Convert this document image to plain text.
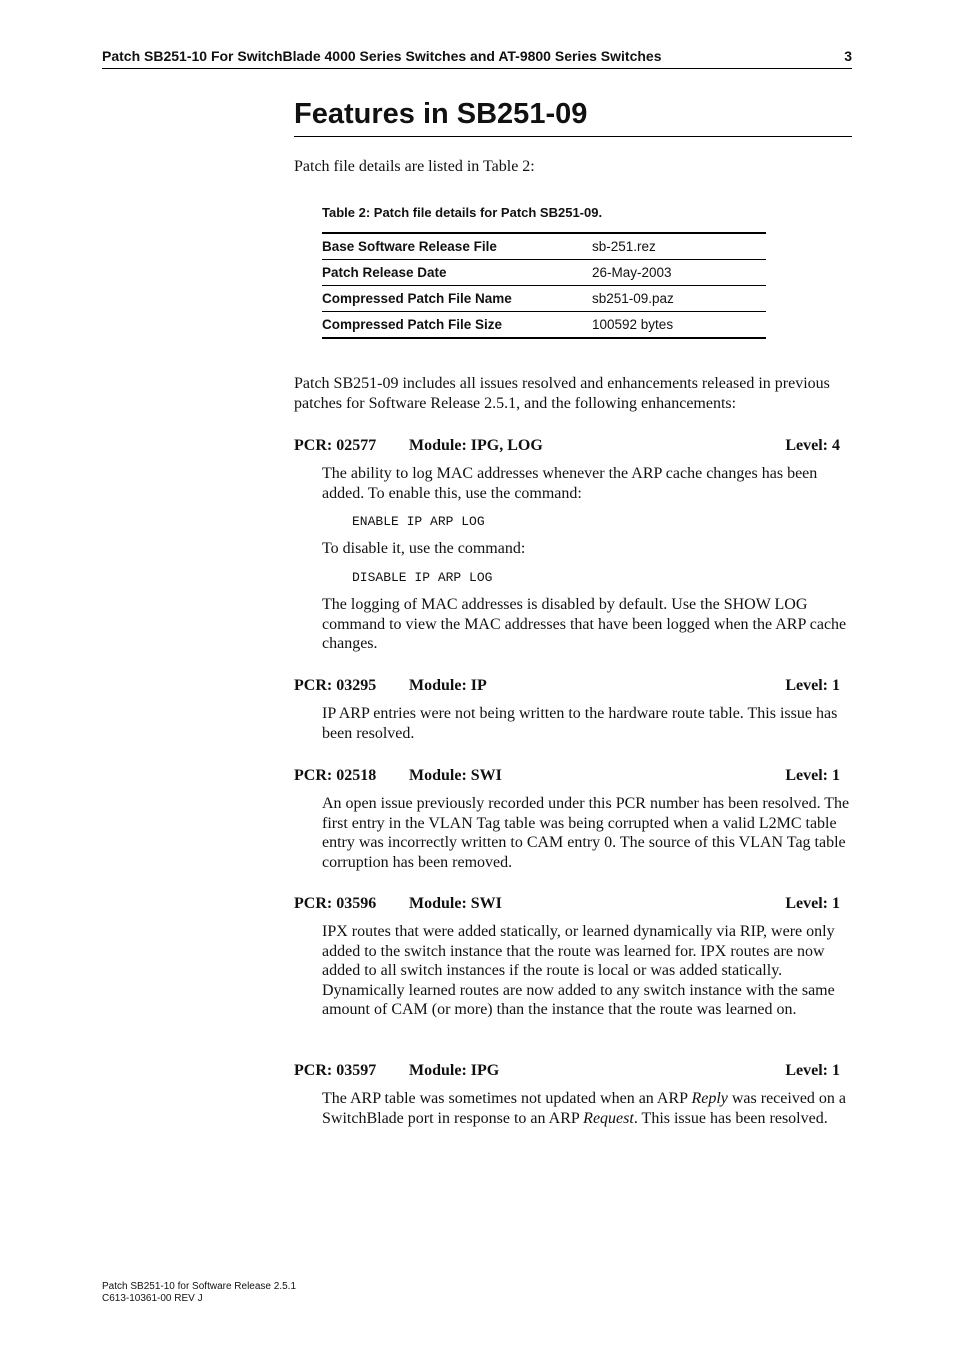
Patch SB251-10 For SwitchBlade 4000 Series Switches and AT-9800 Series Switches	3
Features in SB251-09
Patch file details are listed in Table 2:
Table 2: Patch file details for Patch SB251-09.
Base Software Release File	sb-251.rez
Patch Release Date	26-May-2003
Compressed Patch File Name	sb251-09.paz
Compressed Patch File Size	100592 bytes
Patch SB251-09 includes all issues resolved and enhancements released in previous patches for Software Release 2.5.1, and the following enhancements:
PCR: 02577 Module: IPG, LOG	Level: 4
The ability to log MAC addresses whenever the ARP cache changes has been added. To enable this, use the command:
ENABLE IP ARP LOG
To disable it, use the command:
DISABLE IP ARP LOG
The logging of MAC addresses is disabled by default. Use the SHOW LOG command to view the MAC addresses that have been logged when the ARP cache changes.
PCR: 03295 Module: IP	Level: 1
IP ARP entries were not being written to the hardware route table. This issue has been resolved.
PCR: 02518 Module: SWI	Level: 1
An open issue previously recorded under this PCR number has been resolved. The first entry in the VLAN Tag table was being corrupted when a valid L2MC table entry was incorrectly written to CAM entry 0. The source of this VLAN Tag table corruption has been removed.
PCR: 03596 Module: SWI	Level: 1
IPX routes that were added statically, or learned dynamically via RIP, were only added to the switch instance that the route was learned for. IPX routes are now added to all switch instances if the route is local or was added statically. Dynamically learned routes are now added to any switch instance with the same amount of CAM (or more) than the instance that the route was learned on.
PCR: 03597 Module: IPG	Level: 1
The ARP table was sometimes not updated when an ARP Reply was received on a SwitchBlade port in response to an ARP Request. This issue has been resolved.
Patch SB251-10 for Software Release 2.5.1
C613-10361-00 REV J
